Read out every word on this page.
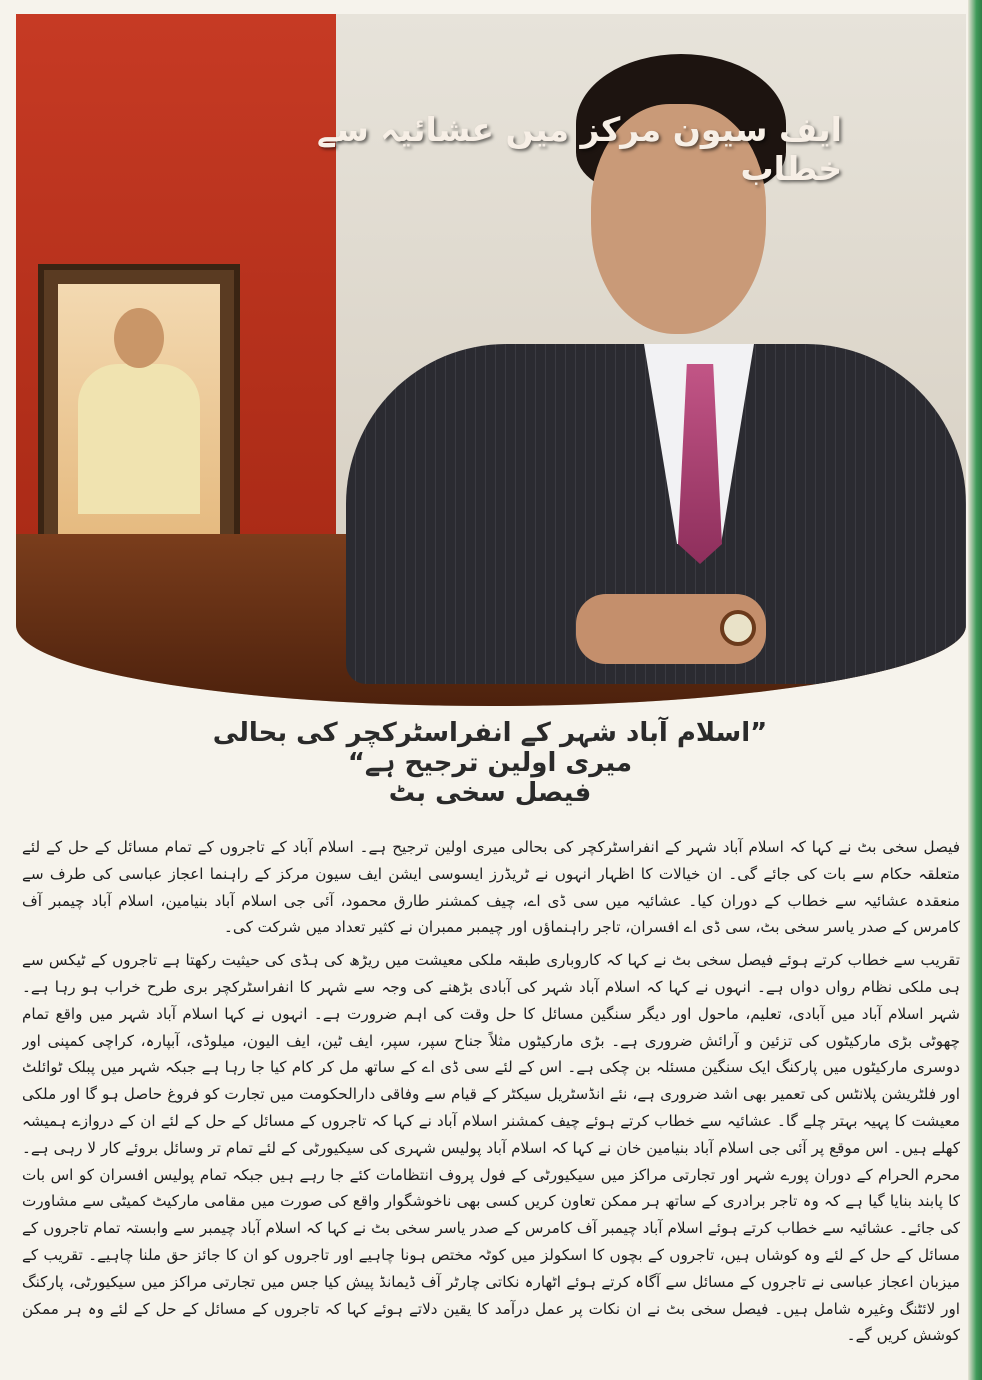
ایف سیون مرکز میں عشائیہ سے خطاب
”اسلام آباد شہر کے انفراسٹرکچر کی بحالی میری اولین ترجیح ہے“
فیصل سخی بٹ

فیصل سخی بٹ نے کہا کہ اسلام آباد شہر کے انفراسٹرکچر کی بحالی میری اولین ترجیح ہے۔ اسلام آباد کے تاجروں کے تمام مسائل کے حل کے لئے متعلقہ حکام سے بات کی جائے گی۔ ان خیالات کا اظہار انہوں نے ٹریڈرز ایسوسی ایشن ایف سیون مرکز کے راہنما اعجاز عباسی کی طرف سے منعقدہ عشائیہ سے خطاب کے دوران کیا۔ عشائیہ میں سی ڈی اے، چیف کمشنر طارق محمود، آئی جی اسلام آباد بنیامین، اسلام آباد چیمبر آف کامرس کے صدر یاسر سخی بٹ، سی ڈی اے افسران، تاجر راہنماؤں اور چیمبر ممبران نے کثیر تعداد میں شرکت کی۔

تقریب سے خطاب کرتے ہوئے فیصل سخی بٹ نے کہا کہ کاروباری طبقہ ملکی معیشت میں ریڑھ کی ہڈی کی حیثیت رکھتا ہے تاجروں کے ٹیکس سے ہی ملکی نظام رواں دواں ہے۔ انہوں نے کہا کہ اسلام آباد شہر کی آبادی بڑھنے کی وجہ سے شہر کا انفراسٹرکچر بری طرح خراب ہو رہا ہے۔ شہر اسلام آباد میں آبادی، تعلیم، ماحول اور دیگر سنگین مسائل کا حل وقت کی اہم ضرورت ہے۔ انہوں نے کہا اسلام آباد شہر میں واقع تمام چھوٹی بڑی مارکیٹوں کی تزئین و آرائش ضروری ہے۔ بڑی مارکیٹوں مثلاً جناح سپر، سپر، ایف ٹین، ایف الیون، میلوڈی، آبپارہ، کراچی کمپنی اور دوسری مارکیٹوں میں پارکنگ ایک سنگین مسئلہ بن چکی ہے۔ اس کے لئے سی ڈی اے کے ساتھ مل کر کام کیا جا رہا ہے جبکہ شہر میں پبلک ٹوائلٹ اور فلٹریشن پلانٹس کی تعمیر بھی اشد ضروری ہے، نئے انڈسٹریل سیکٹر کے قیام سے وفاقی دارالحکومت میں تجارت کو فروغ حاصل ہو گا اور ملکی معیشت کا پہیہ بہتر چلے گا۔ عشائیہ سے خطاب کرتے ہوئے چیف کمشنر اسلام آباد نے کہا کہ تاجروں کے مسائل کے حل کے لئے ان کے دروازے ہمیشہ کھلے ہیں۔ اس موقع پر آئی جی اسلام آباد بنیامین خان نے کہا کہ اسلام آباد پولیس شہری کی سیکیورٹی کے لئے تمام تر وسائل بروئے کار لا رہی ہے۔ محرم الحرام کے دوران پورے شہر اور تجارتی مراکز میں سیکیورٹی کے فول پروف انتظامات کئے جا رہے ہیں جبکہ تمام پولیس افسران کو اس بات کا پابند بنایا گیا ہے کہ وہ تاجر برادری کے ساتھ ہر ممکن تعاون کریں کسی بھی ناخوشگوار واقع کی صورت میں مقامی مارکیٹ کمیٹی سے مشاورت کی جائے۔ عشائیہ سے خطاب کرتے ہوئے اسلام آباد چیمبر آف کامرس کے صدر یاسر سخی بٹ نے کہا کہ اسلام آباد چیمبر سے وابستہ تمام تاجروں کے مسائل کے حل کے لئے وہ کوشاں ہیں، تاجروں کے بچوں کا اسکولز میں کوٹہ مختص ہونا چاہیے اور تاجروں کو ان کا جائز حق ملنا چاہیے۔ تقریب کے میزبان اعجاز عباسی نے تاجروں کے مسائل سے آگاہ کرتے ہوئے اٹھارہ نکاتی چارٹر آف ڈیمانڈ پیش کیا جس میں تجارتی مراکز میں سیکیورٹی، پارکنگ اور لائٹنگ وغیرہ شامل ہیں۔ فیصل سخی بٹ نے ان نکات پر عمل درآمد کا یقین دلاتے ہوئے کہا کہ تاجروں کے مسائل کے حل کے لئے وہ ہر ممکن کوشش کریں گے۔
